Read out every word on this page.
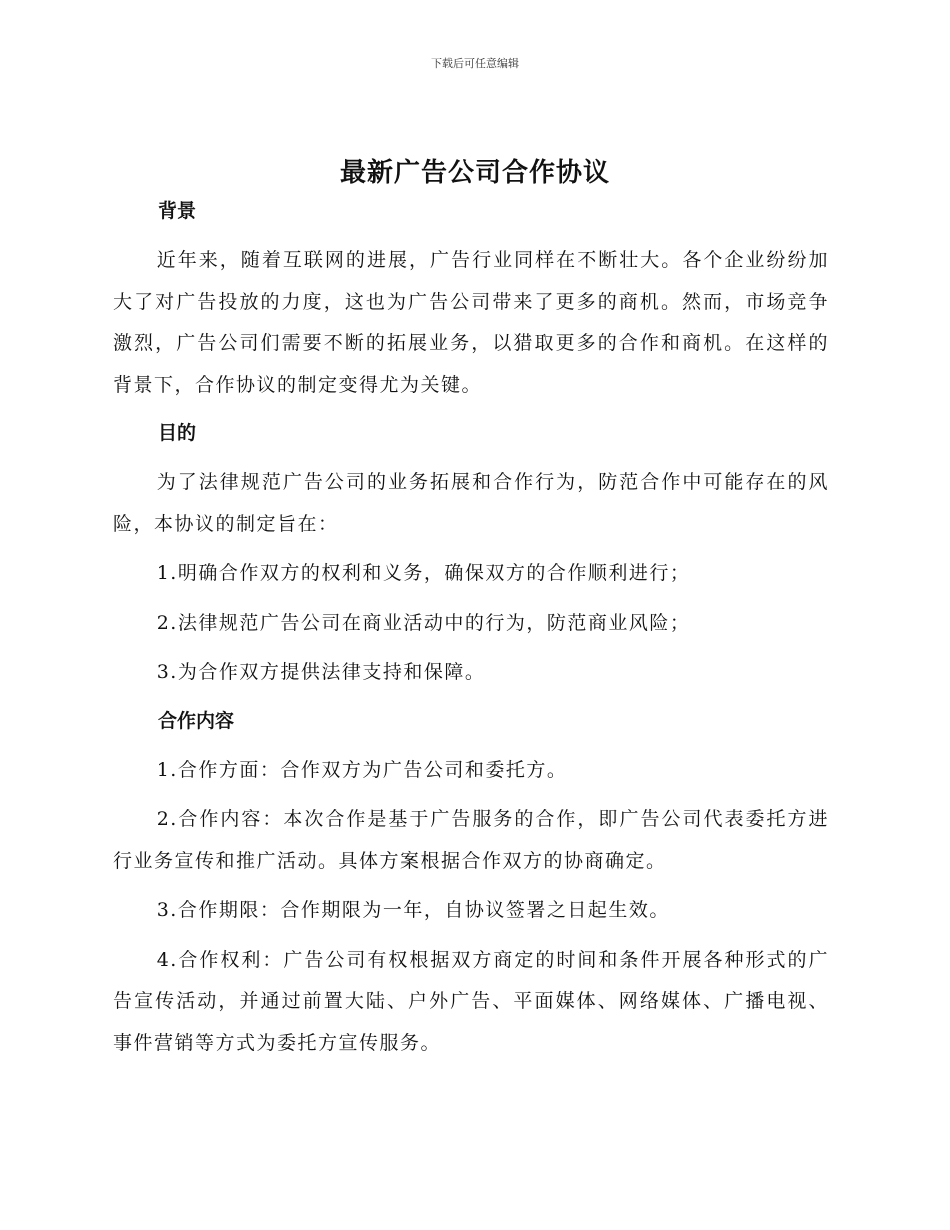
下载后可任意编辑
最新广告公司合作协议
背景

近年来，随着互联网的进展，广告行业同样在不断壮大。各个企业纷纷加大了对广告投放的力度，这也为广告公司带来了更多的商机。然而，市场竞争激烈，广告公司们需要不断的拓展业务，以猎取更多的合作和商机。在这样的背景下，合作协议的制定变得尤为关键。

目的

为了法律规范广告公司的业务拓展和合作行为，防范合作中可能存在的风险，本协议的制定旨在：

1.明确合作双方的权利和义务，确保双方的合作顺利进行；

2.法律规范广告公司在商业活动中的行为，防范商业风险；

3.为合作双方提供法律支持和保障。

合作内容

1.合作方面：合作双方为广告公司和委托方。

2.合作内容：本次合作是基于广告服务的合作，即广告公司代表委托方进行业务宣传和推广活动。具体方案根据合作双方的协商确定。

3.合作期限：合作期限为一年，自协议签署之日起生效。

4.合作权利：广告公司有权根据双方商定的时间和条件开展各种形式的广告宣传活动，并通过前置大陆、户外广告、平面媒体、网络媒体、广播电视、事件营销等方式为委托方宣传服务。
